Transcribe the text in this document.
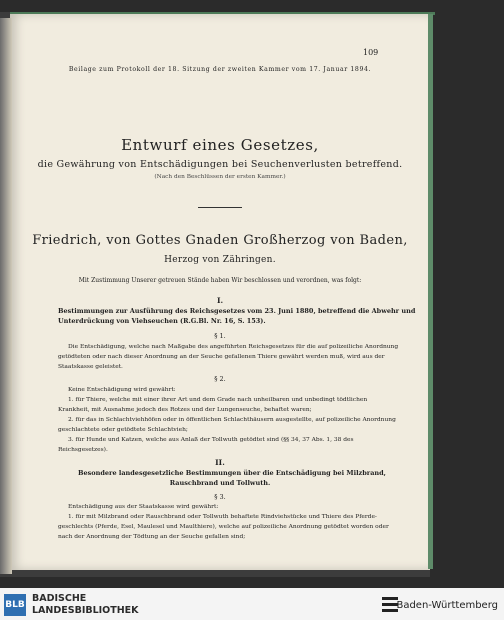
109
Beilage zum Protokoll der 18. Sitzung der zweiten Kammer vom 17. Januar 1894.
Entwurf eines Gesetzes,
die Gewährung von Entschädigungen bei Seuchenverlusten betreffend.
(Nach den Beschlüssen der ersten Kammer.)
Friedrich, von Gottes Gnaden Großherzog von Baden,
Herzog von Zähringen.
Mit Zustimmung Unserer getreuen Stände haben Wir beschlossen und verordnen, was folgt:
I.
Bestimmungen zur Ausführung des Reichsgesetzes vom 23. Juni 1880, betreffend die Abwehr und
Unterdrückung von Viehseuchen (R.G.Bl. Nr. 16, S. 153).
§ 1.
Die Entschädigung, welche nach Maßgabe des angeführten Reichsgesetzes für die auf polizeiliche Anordnung
getödteten oder nach dieser Anordnung an der Seuche gefallenen Thiere gewährt werden muß, wird aus der
Staatskasse geleistet.
§ 2.
Keine Entschädigung wird gewährt:
1. für Thiere, welche mit einer ihrer Art und dem Grade nach unheilbaren und unbedingt tödtlichen
Krankheit, mit Ausnahme jedoch des Rotzes und der Lungenseuche, behaftet waren;
2. für das in Schlachtviehhöfen oder in öffentlichen Schlachthäusern ausgestellte, auf polizeiliche Anordnung
geschlachtete oder getödtete Schlachtvieh;
3. für Hunde und Katzen, welche aus Anlaß der Tollwuth getödtet sind (§§ 34, 37 Abs. 1, 38 des
Reichsgesetzes).
II.
Besondere landesgesetzliche Bestimmungen über die Entschädigung bei Milzbrand,
Rauschbrand und Tollwuth.
§ 3.
Entschädigung aus der Staatskasse wird gewährt:
1. für mit Milzbrand oder Rauschbrand oder Tollwuth behaftete Rindviehstücke und Thiere des Pferde-
geschlechts (Pferde, Esel, Maulesel und Maulthiere), welche auf polizeiliche Anordnung getödtet worden oder
nach der Anordnung der Tödtung an der Seuche gefallen sind;
BLB
BADISCHE
LANDESBIBLIOTHEK	Baden-Württemberg
